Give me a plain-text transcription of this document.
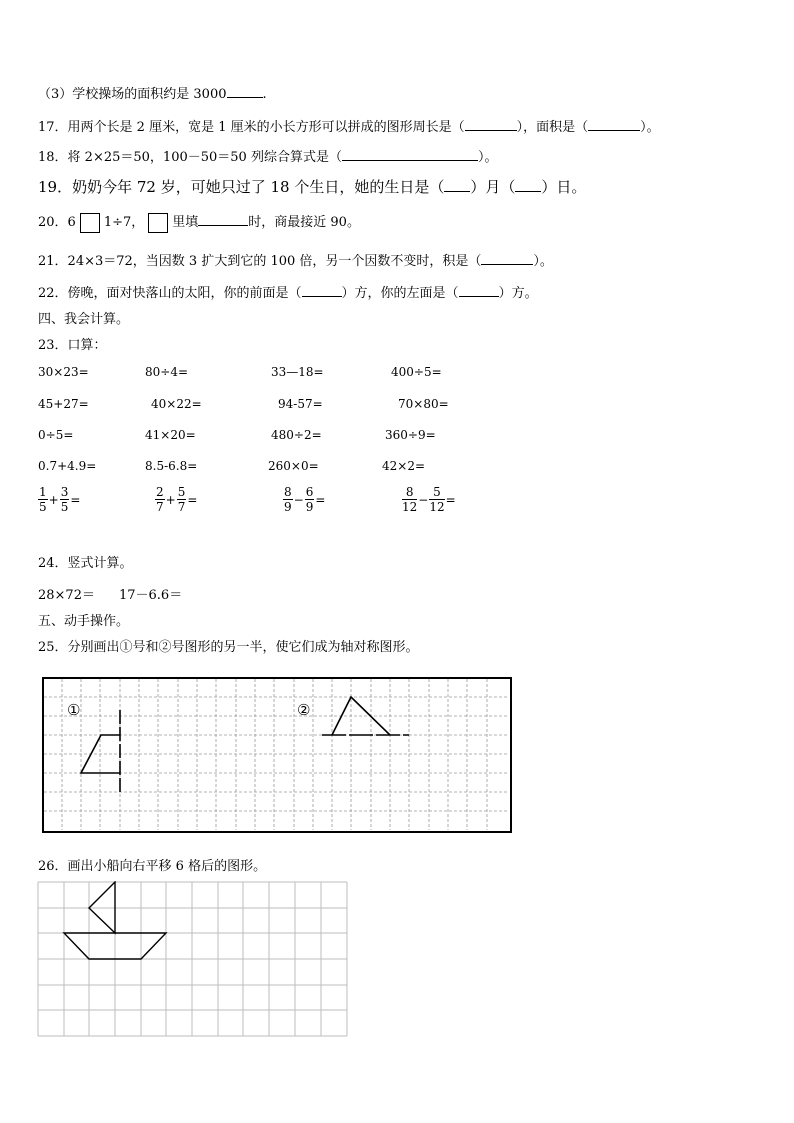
（3）学校操场的面积约是 3000	.
17．用两个长是 2 厘米，宽是 1 厘米的小长方形可以拼成的图形周长是（	），面积是（	）。
18．将 2×25＝50，100－50＝50 列综合算式是（	）。
19．奶奶今年 72 岁，可她只过了 18 个生日，她的生日是（ ）月（ ）日。
20．6 1÷7， 里填	时，商最接近 90。
21．24×3＝72，当因数 3 扩大到它的 100 倍，另一个因数不变时，积是（	）。
22．傍晚，面对快落山的太阳，你的前面是（	）方，你的左面是（	）方。
四、我会计算。
23．口算：
30×23=	80÷4=	33—18=	400÷5=
45+27=	40×22=	94-57=	70×80=
0÷5=	41×20=	480÷2=	360÷9=
0.7+4.9=	8.5-6.8=	260×0=	42×2=
$\frac{1}{5} + \frac{3}{5}$ =	$\frac{2}{7} + \frac{5}{7}$ =	$\frac{8}{9} - \frac{6}{9}$ =	$\frac{8}{12} - \frac{5}{12}$ =
24．竖式计算。
28×72＝ 17－6.6＝
五、动手操作。
25．分别画出①号和②号图形的另一半，使它们成为轴对称图形。
①	②
26．画出小船向右平移 6 格后的图形。
